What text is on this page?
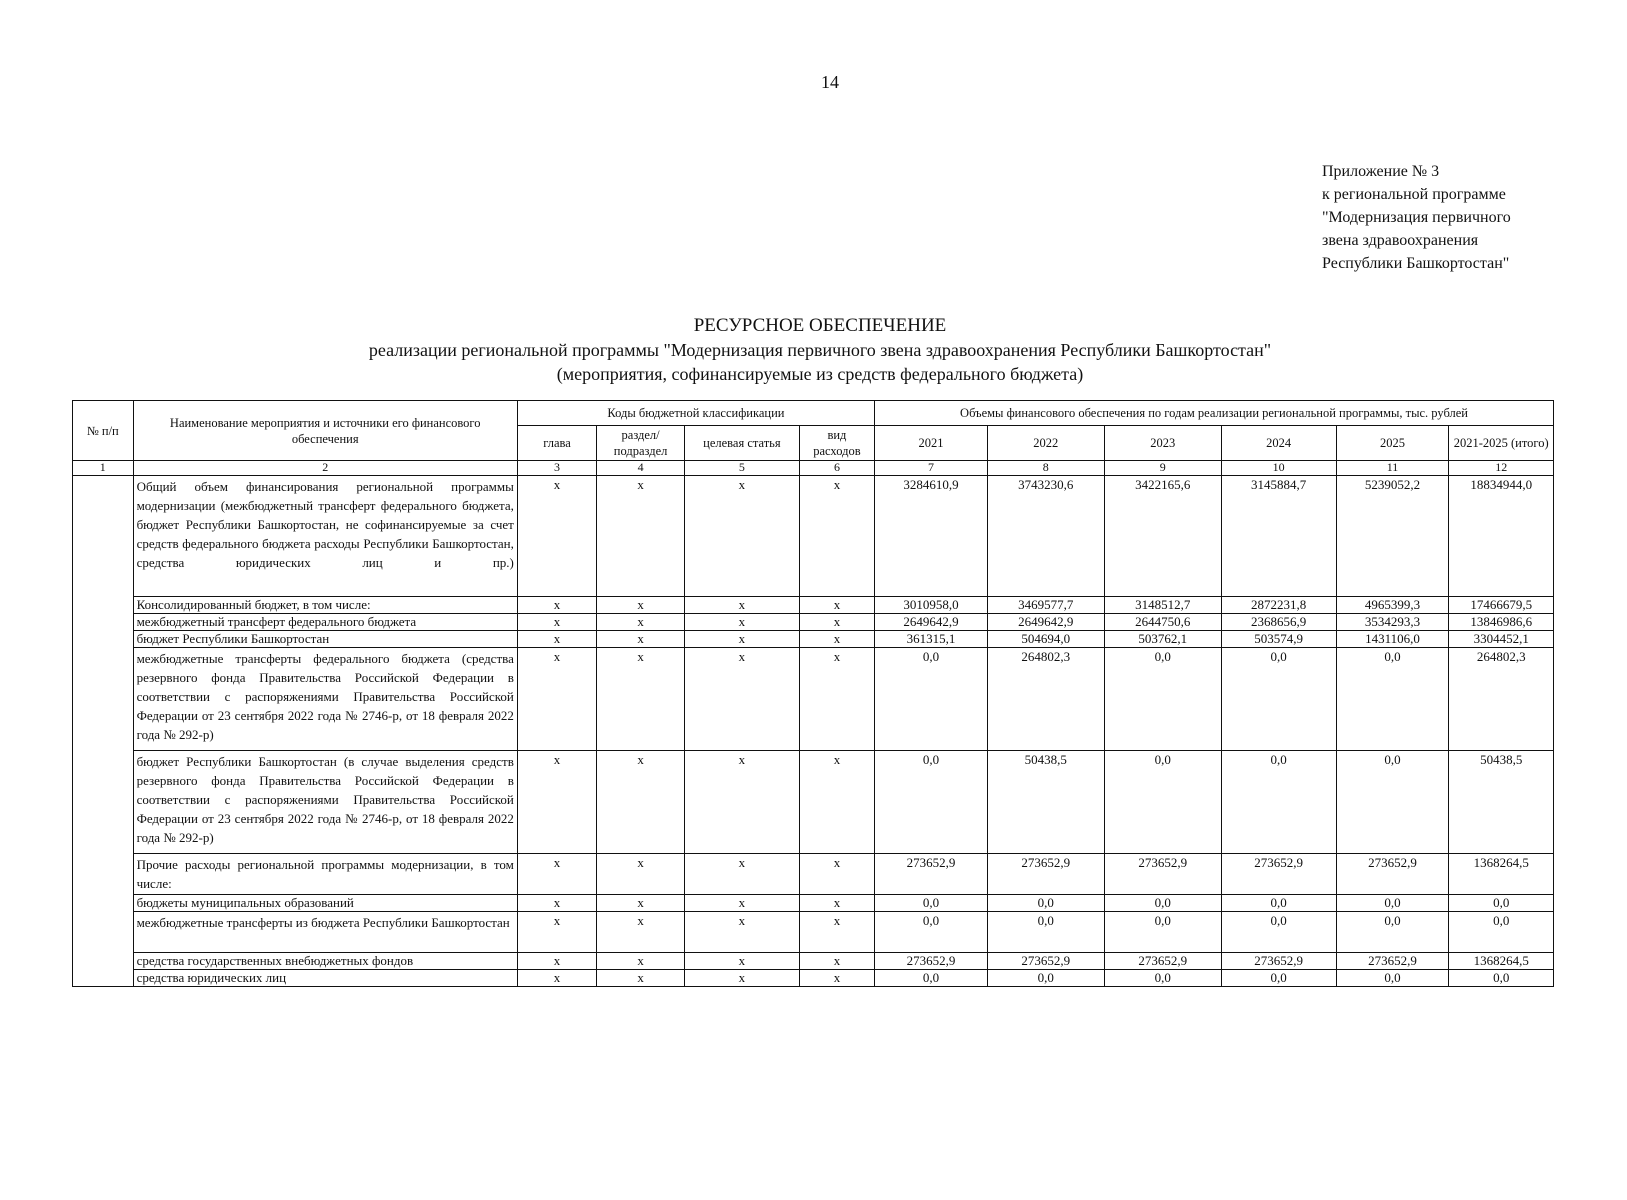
14
Приложение № 3
к региональной программе
"Модернизация первичного
звена здравоохранения
Республики Башкортостан"
РЕСУРСНОЕ ОБЕСПЕЧЕНИЕ
реализации региональной программы "Модернизация первичного звена здравоохранения Республики Башкортостан"
(мероприятия, софинансируемые из средств федерального бюджета)
№ п/п	Наименование мероприятия и источники его финансового обеспечения	Коды бюджетной классификации				Объемы финансового обеспечения по годам реализации региональной программы, тыс. рублей					
		глава	раздел/ подраздел	целевая статья	вид расходов	2021	2022	2023	2024	2025	2021-2025 (итого)
1	2	3	4	5	6	7	8	9	10	11	12
	Общий объем финансирования региональной программы модернизации (межбюджетный трансферт федерального бюджета, бюджет Республики Башкортостан, не софинансируемые за счет средств федерального бюджета расходы Республики Башкортостан, средства юридических лиц и пр.)	x	x	x	x	3284610,9	3743230,6	3422165,6	3145884,7	5239052,2	18834944,0
	Консолидированный бюджет, в том числе:	x	x	x	x	3010958,0	3469577,7	3148512,7	2872231,8	4965399,3	17466679,5
	межбюджетный трансферт федерального бюджета	x	x	x	x	2649642,9	2649642,9	2644750,6	2368656,9	3534293,3	13846986,6
	бюджет Республики Башкортостан	x	x	x	x	361315,1	504694,0	503762,1	503574,9	1431106,0	3304452,1
	межбюджетные трансферты федерального бюджета (средства резервного фонда Правительства Российской Федерации в соответствии с распоряжениями Правительства Российской Федерации от 23 сентября 2022 года № 2746-р, от 18 февраля 2022 года № 292-р)	x	x	x	x	0,0	264802,3	0,0	0,0	0,0	264802,3
	бюджет Республики Башкортостан (в случае выделения средств резервного фонда Правительства Российской Федерации в соответствии с распоряжениями Правительства Российской Федерации от 23 сентября 2022 года № 2746-р, от 18 февраля 2022 года № 292-р)	x	x	x	x	0,0	50438,5	0,0	0,0	0,0	50438,5
	Прочие расходы региональной программы модернизации, в том числе:	x	x	x	x	273652,9	273652,9	273652,9	273652,9	273652,9	1368264,5
	бюджеты муниципальных образований	x	x	x	x	0,0	0,0	0,0	0,0	0,0	0,0
	межбюджетные трансферты из бюджета Республики Башкортостан	x	x	x	x	0,0	0,0	0,0	0,0	0,0	0,0
	средства государственных внебюджетных фондов	x	x	x	x	273652,9	273652,9	273652,9	273652,9	273652,9	1368264,5
	средства юридических лиц	x	x	x	x	0,0	0,0	0,0	0,0	0,0	0,0
